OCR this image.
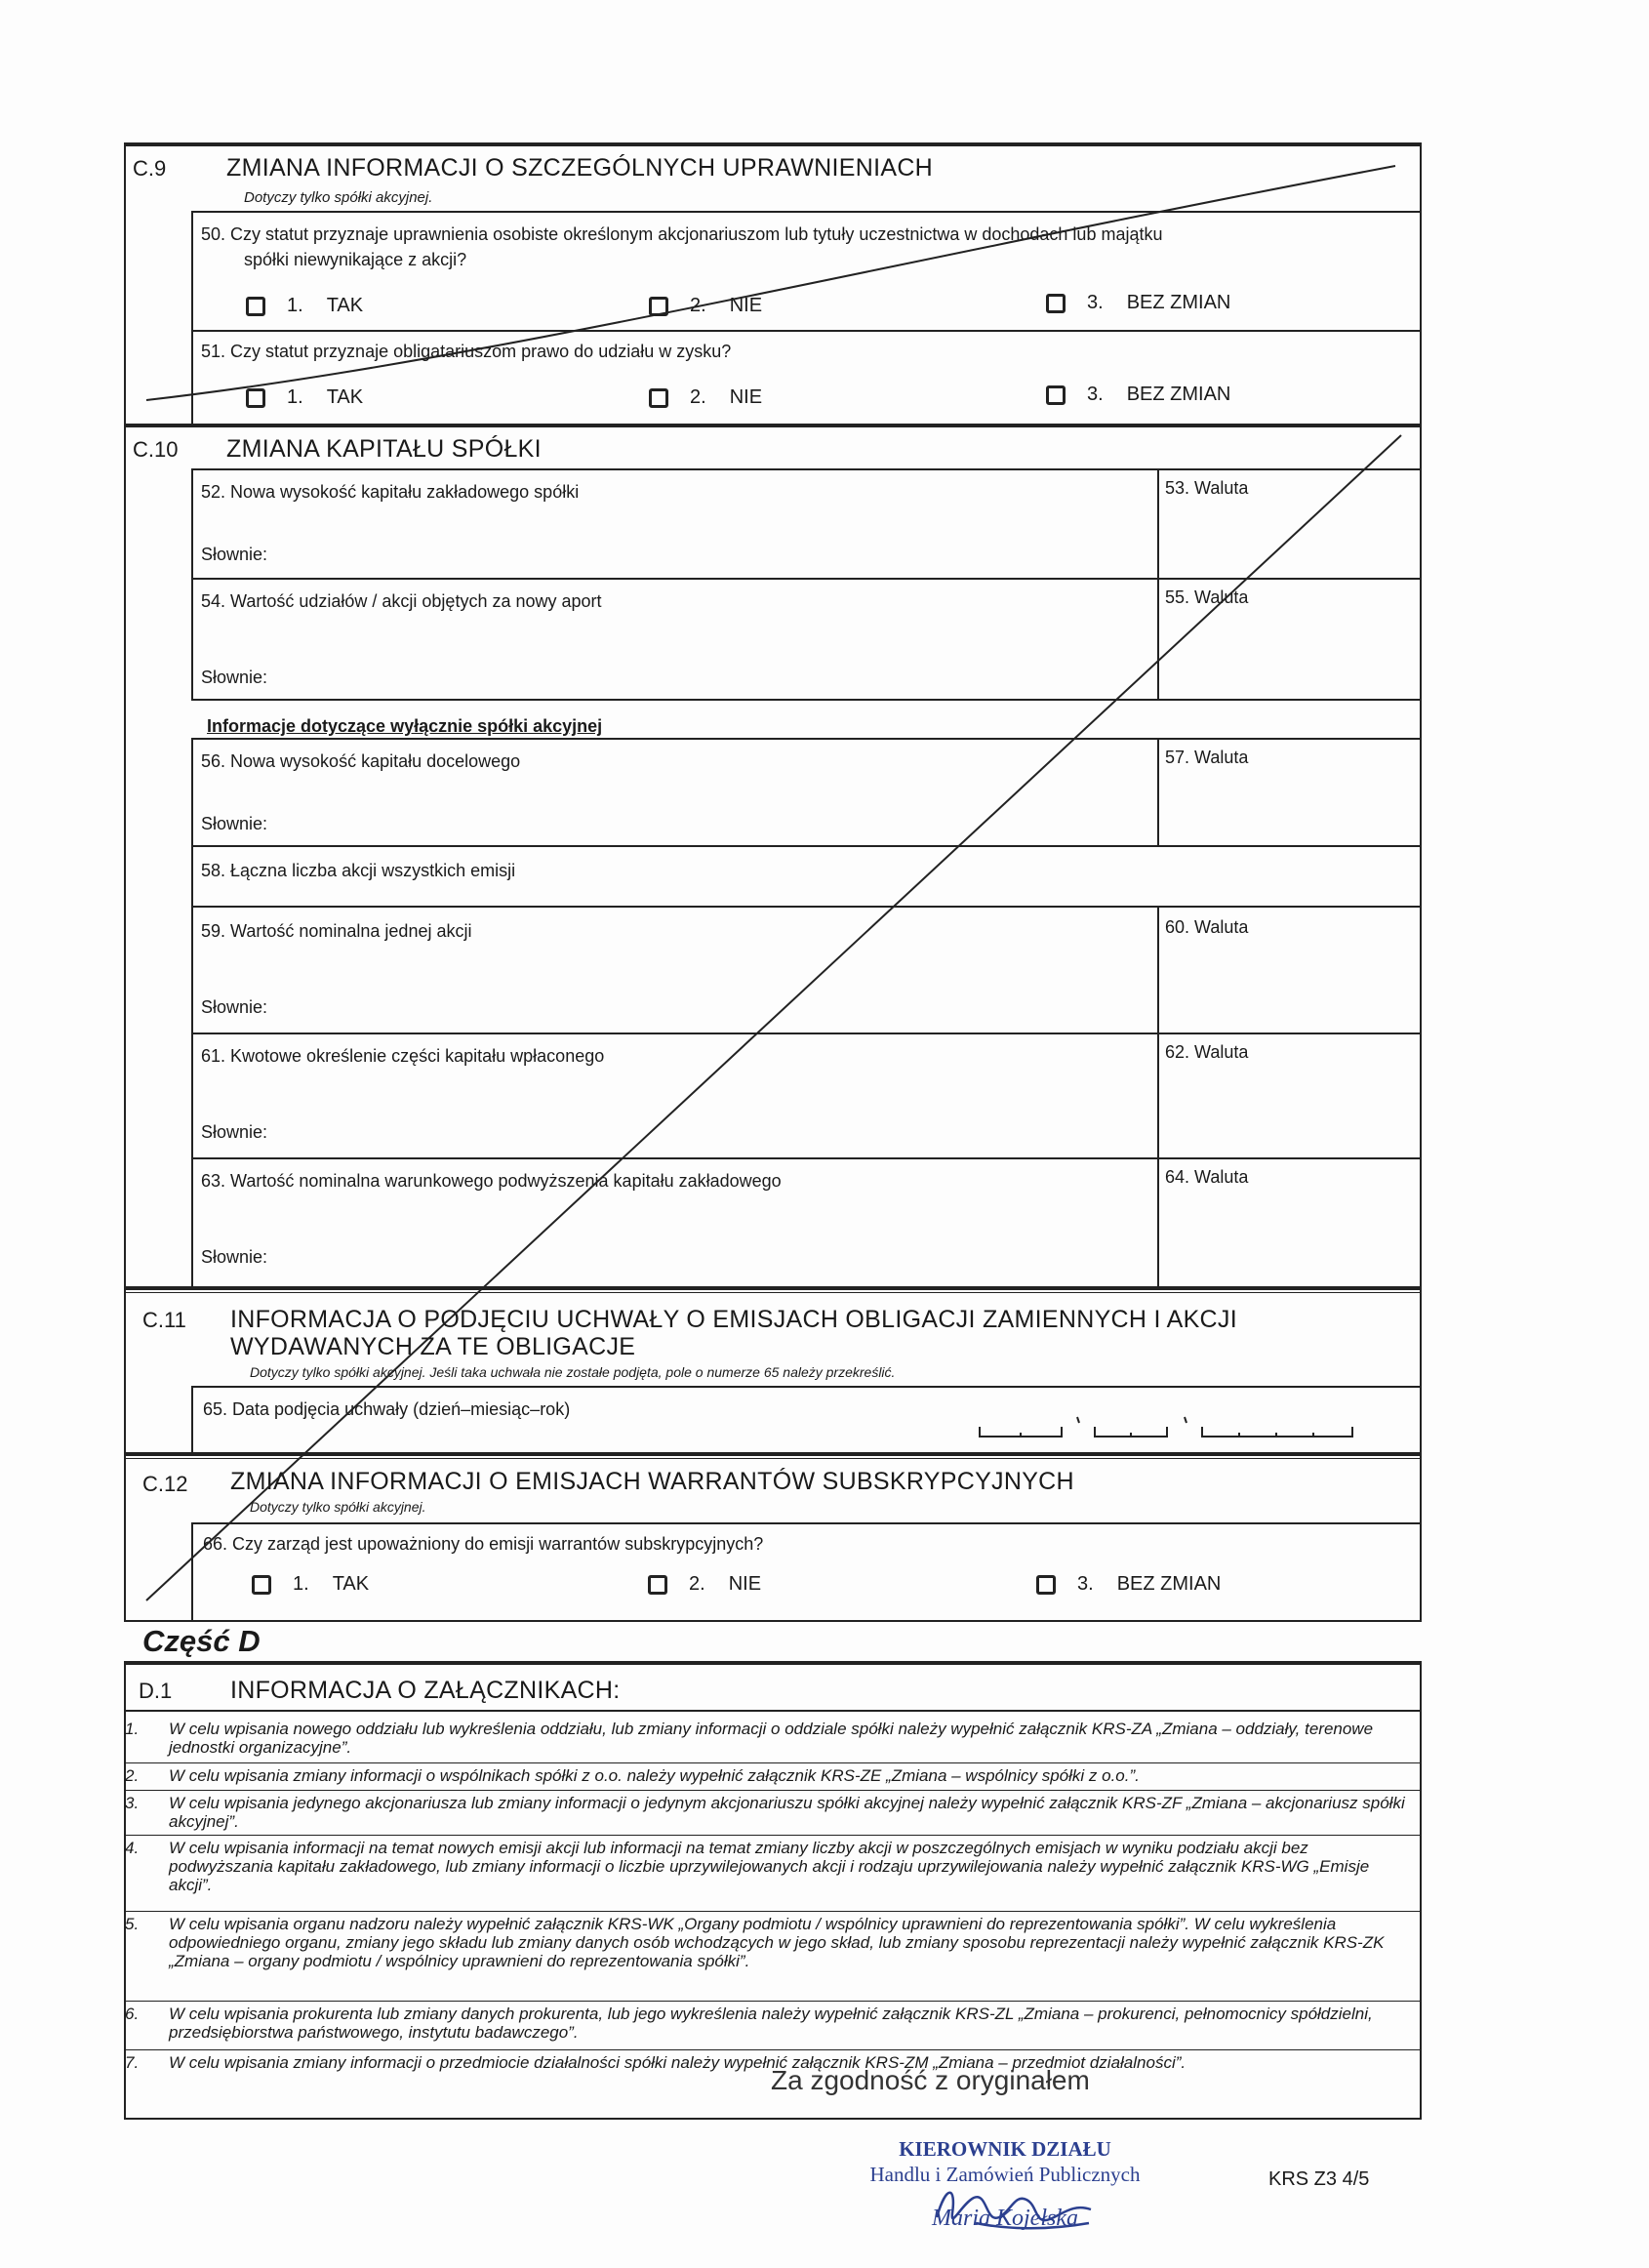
C.9 ZMIANA INFORMACJI O SZCZEGÓLNYCH UPRAWNIENIACH
Dotyczy tylko spółki akcyjnej.
50. Czy statut przyznaje uprawnienia osobiste określonym akcjonariuszom lub tytuły uczestnictwa w dochodach lub majątku
spółki niewynikające z akcji?
1. TAK	2. NIE	3. BEZ ZMIAN
51. Czy statut przyznaje obligatariuszom prawo do udziału w zysku?
1. TAK	2. NIE	3. BEZ ZMIAN
C.10 ZMIANA KAPITAŁU SPÓŁKI
52. Nowa wysokość kapitału zakładowego spółki	53. Waluta
Słownie:
54. Wartość udziałów / akcji objętych za nowy aport	55. Waluta
Słownie:
Informacje dotyczące wyłącznie spółki akcyjnej
56. Nowa wysokość kapitału docelowego	57. Waluta
Słownie:
58. Łączna liczba akcji wszystkich emisji
59. Wartość nominalna jednej akcji	60. Waluta
Słownie:
61. Kwotowe określenie części kapitału wpłaconego	62. Waluta
Słownie:
63. Wartość nominalna warunkowego podwyższenia kapitału zakładowego	64. Waluta
Słownie:
C.11 INFORMACJA O PODJĘCIU UCHWAŁY O EMISJACH OBLIGACJI ZAMIENNYCH I AKCJI
WYDAWANYCH ZA TE OBLIGACJE
Dotyczy tylko spółki akcyjnej. Jeśli taka uchwała nie zostałe podjęta, pole o numerze 65 należy przekreślić.
65. Data podjęcia uchwały (dzień–miesiąc–rok)
C.12 ZMIANA INFORMACJI O EMISJACH WARRANTÓW SUBSKRYPCYJNYCH
Dotyczy tylko spółki akcyjnej.
66. Czy zarząd jest upoważniony do emisji warrantów subskrypcyjnych?
1. TAK	2. NIE	3. BEZ ZMIAN
Część D
D.1 INFORMACJA O ZAŁĄCZNIKACH:
1.	W celu wpisania nowego oddziału lub wykreślenia oddziału, lub zmiany informacji o oddziale spółki należy wypełnić załącznik KRS-ZA „Zmiana – oddziały, terenowe jednostki organizacyjne”.
2.	W celu wpisania zmiany informacji o wspólnikach spółki z o.o. należy wypełnić załącznik KRS-ZE „Zmiana – wspólnicy spółki z o.o.”.
3.	W celu wpisania jedynego akcjonariusza lub zmiany informacji o jedynym akcjonariuszu spółki akcyjnej należy wypełnić załącznik KRS-ZF „Zmiana – akcjonariusz spółki akcyjnej”.
4.	W celu wpisania informacji na temat nowych emisji akcji lub informacji na temat zmiany liczby akcji w poszczególnych emisjach w wyniku podziału akcji bez podwyższania kapitału zakładowego, lub zmiany informacji o liczbie uprzywilejowanych akcji i rodzaju uprzywilejowania należy wypełnić załącznik KRS-WG „Emisje akcji”.
5.	W celu wpisania organu nadzoru należy wypełnić załącznik KRS-WK „Organy podmiotu / wspólnicy uprawnieni do reprezentowania spółki”. W celu wykreślenia odpowiedniego organu, zmiany jego składu lub zmiany danych osób wchodzących w jego skład, lub zmiany sposobu reprezentacji należy wypełnić załącznik KRS-ZK „Zmiana – organy podmiotu / wspólnicy uprawnieni do reprezentowania spółki”.
6.	W celu wpisania prokurenta lub zmiany danych prokurenta, lub jego wykreślenia należy wypełnić załącznik KRS-ZL „Zmiana – prokurenci, pełnomocnicy spółdzielni, przedsiębiorstwa państwowego, instytutu badawczego”.
7.	W celu wpisania zmiany informacji o przedmiocie działalności spółki należy wypełnić załącznik KRS-ZM „Zmiana – przedmiot działalności”.
Za zgodność z oryginałem
KIEROWNIK DZIAŁU
Handlu i Zamówień Publicznych
Maria Kojełska
KRS Z3 4/5
